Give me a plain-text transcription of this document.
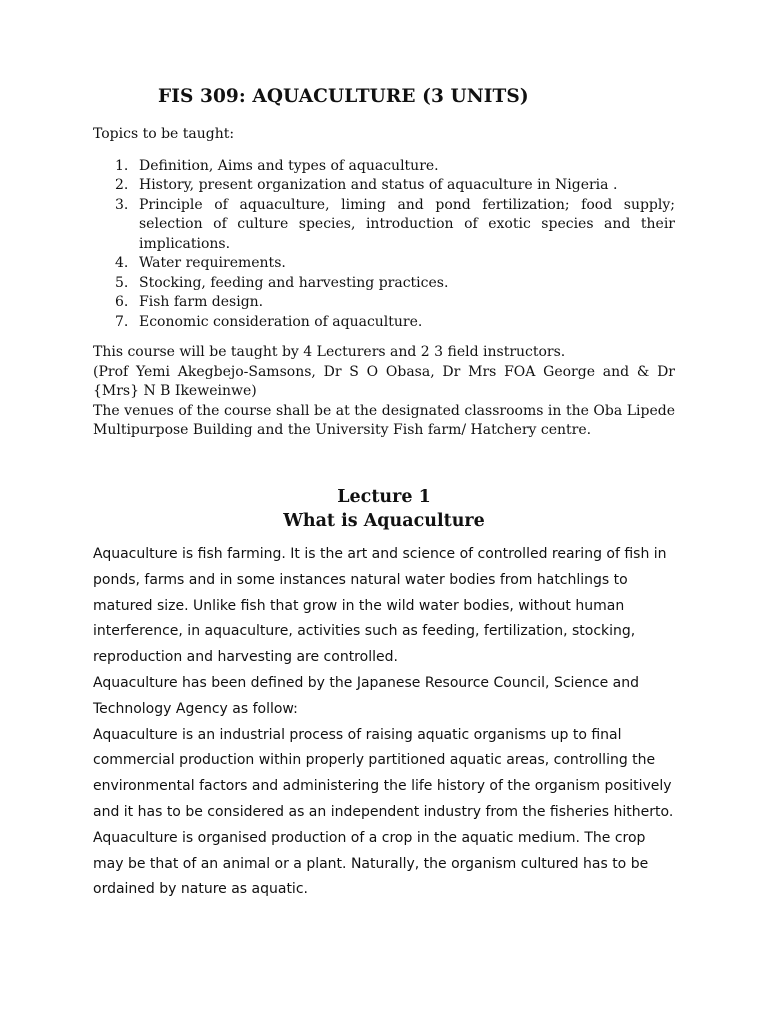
FIS 309: AQUACULTURE (3 UNITS)

Topics to be taught:

1. Definition, Aims and types of aquaculture.
2. History, present organization and status of aquaculture in Nigeria .
3. Principle of aquaculture, liming and pond fertilization; food supply; selection of culture species, introduction of exotic species and their implications.
4. Water requirements.
5. Stocking, feeding and harvesting practices.
6. Fish farm design.
7. Economic consideration of aquaculture.

This course will be taught by 4 Lecturers and 2 3 field instructors.

(Prof Yemi Akegbejo-Samsons, Dr S O Obasa, Dr Mrs FOA George and & Dr {Mrs} N B Ikeweinwe)

The venues of the course shall be at the designated classrooms in the Oba Lipede Multipurpose Building and the University Fish farm/ Hatchery centre.

Lecture 1
What is Aquaculture

Aquaculture is fish farming. It is the art and science of controlled rearing of fish in ponds, farms and in some instances natural water bodies from hatchlings to matured size. Unlike fish that grow in the wild water bodies, without human interference, in aquaculture, activities such as feeding, fertilization, stocking, reproduction and harvesting are controlled.

Aquaculture has been defined by the Japanese Resource Council, Science and Technology Agency as follow:

Aquaculture is an industrial process of raising aquatic organisms up to final commercial production within properly partitioned aquatic areas, controlling the environmental factors and administering the life history of the organism positively and it has to be considered as an independent industry from the fisheries hitherto.

Aquaculture is organised production of a crop in the aquatic medium. The crop may be that of an animal or a plant. Naturally, the organism cultured has to be ordained by nature as aquatic.
